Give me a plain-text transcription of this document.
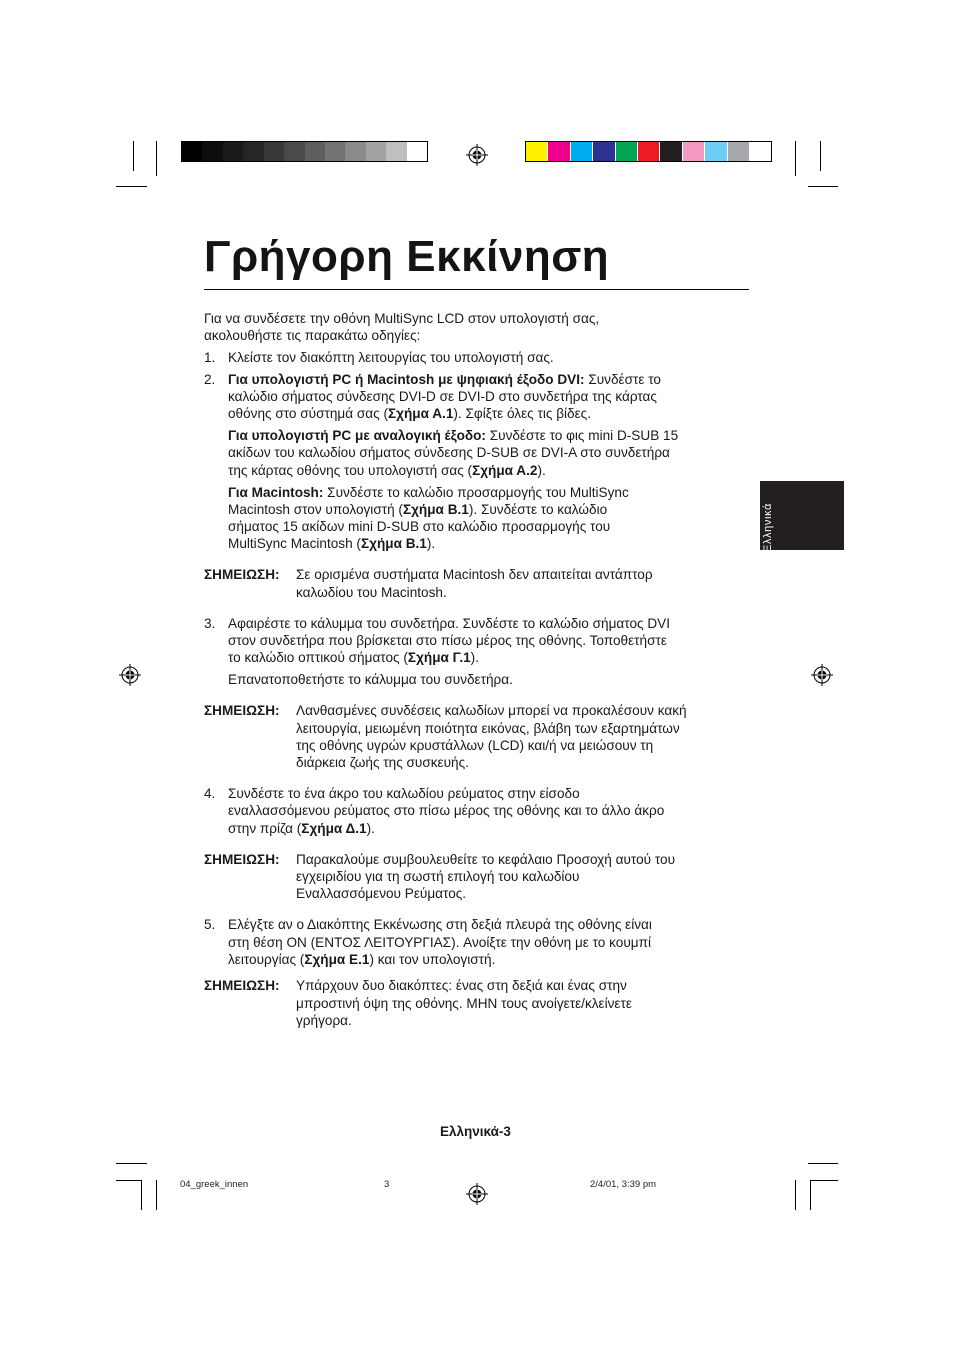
04_greek_innen	3	2/4/01, 3:39 pm
Γρήγορη Εκκίνηση
Ελληνικά
Για να συνδέσετε την οθόνη MultiSync LCD στον υπολογιστή σας,
ακολουθήστε τις παρακάτω οδηγίες:
1. Κλείστε τον διακόπτη λειτουργίας του υπολογιστή σας.
2. Για υπολογιστή PC ή Macintosh με ψηφιακή έξοδο DVI: Συνδέστε το
καλώδιο σήματος σύνδεσης DVI-D σε DVI-D στο συνδετήρα της κάρτας
οθόνης στο σύστημά σας (Σχήμα Α.1). Σφίξτε όλες τις βίδες.
Για υπολογιστή PC με αναλογική έξοδο: Συνδέστε το φις mini D-SUB 15
ακίδων του καλωδίου σήματος σύνδεσης D-SUB σε DVI-A στο συνδετήρα
της κάρτας οθόνης του υπολογιστή σας (Σχήμα Α.2).
Για Macintosh: Συνδέστε το καλώδιο προσαρμογής του MultiSync
Macintosh στον υπολογιστή (Σχήμα Β.1). Συνδέστε το καλώδιο
σήματος 15 ακίδων mini D-SUB στο καλώδιο προσαρμογής του
MultiSync Macintosh (Σχήμα Β.1).
ΣΗΜΕΙΩΣΗ: Σε ορισμένα συστήματα Macintosh δεν απαιτείται αντάπτορ
καλωδίου του Macintosh.
3. Αφαιρέστε το κάλυμμα του συνδετήρα. Συνδέστε το καλώδιο σήματος DVI
στον συνδετήρα που βρίσκεται στο πίσω μέρος της οθόνης. Τοποθετήστε
το καλώδιο οπτικού σήματος (Σχήμα Γ.1).
Επανατοποθετήστε το κάλυμμα του συνδετήρα.
ΣΗΜΕΙΩΣΗ: Λανθασμένες συνδέσεις καλωδίων μπορεί να προκαλέσουν κακή
λειτουργία, μειωμένη ποιότητα εικόνας, βλάβη των εξαρτημάτων
της οθόνης υγρών κρυστάλλων (LCD) και/ή να μειώσουν τη
διάρκεια ζωής της συσκευής.
4. Συνδέστε το ένα άκρο του καλωδίου ρεύματος στην είσοδο
εναλλασσόμενου ρεύματος στο πίσω μέρος της οθόνης και το άλλο άκρο
στην πρίζα (Σχήμα Δ.1).
ΣΗΜΕΙΩΣΗ: Παρακαλούμε συμβουλευθείτε το κεφάλαιο Προσοχή αυτού του
εγχειριδίου για τη σωστή επιλογή του καλωδίου
Εναλλασσόμενου Ρεύματος.
5. Ελέγξτε αν ο Διακόπτης Εκκένωσης στη δεξιά πλευρά της οθόνης είναι
στη θέση ON (ΕΝΤΟΣ ΛΕΙΤΟΥΡΓΙΑΣ). Ανοίξτε την οθόνη με το κουμπί
λειτουργίας (Σχήμα Ε.1) και τον υπολογιστή.
ΣΗΜΕΙΩΣΗ: Υπάρχουν δυο διακόπτες: ένας στη δεξιά και ένας στην
μπροστινή όψη της οθόνης. ΜΗΝ τους ανοίγετε/κλείνετε
γρήγορα.
Ελληνικά-3
